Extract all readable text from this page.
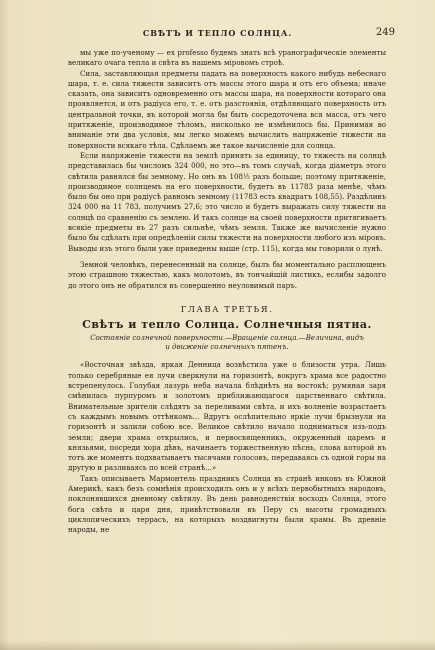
СВѢТЪ И ТЕПЛО СОЛНЦА.	249

мы уже по-ученому — ех professo будемъ знать всѣ уранографическіе элементы великаго очага тепла и свѣта въ нашемъ міровомъ строѣ.

Сила, заставляющая предметы падать на поверхность какого нибудь небеснаго шара, т. е. сила тяжести зависитъ отъ массы этого шара и отъ его объема; иначе сказать, она зависитъ одновременно отъ массы шара, на поверхности котораго она проявляется, и отъ радіуса его, т. е. отъ разстоянія, отдѣляющаго поверхность отъ центральной точки, въ которой могла бы быть сосредоточена вся масса, отъ чего притяженіе, производимое тѣломъ, нисколько не измѣнилось бы. Принимая во вниманіе эти два условія, мы легко можемъ вычислить напряженіе тяжести на поверхности всякаго тѣла. Сдѣлаемъ же такое вычисленіе для солнца.

Если напряженіе тяжести на землѣ принять за единицу, то тяжесть на солнцѣ представилась бы числомъ 324 000, но это—въ томъ случаѣ, когда діаметръ этого свѣтила равнялся бы земному. Но онъ въ 108½ разъ больше; поэтому притяженіе, производимое солнцемъ на его поверхности, будетъ въ 11783 раза менѣе, чѣмъ было бы оно при радіусѣ равномъ земному (11783 есть квадратъ 108,55). Раздѣливъ 324 000 на 11 783, получимъ 27,6; это число и будетъ выражать силу тяжести на солнцѣ по сравненію съ землею. И такъ солнце на своей поверхности притягиваетъ всякіе предметы въ 27 разъ сильнѣе, чѣмъ земля. Также же вычисленіе нужно было бы сдѣлать при опредѣленіи силы тяжести на поверхности любого изъ міровъ. Выводы изъ этого были уже приведены выше (стр. 115), когда мы говорили о лунѣ.

Земной человѣкъ, перенесенный на солнце, былъ бы моментально расплющенъ этою страшною тяжестью, какъ молотомъ, въ тончайшій листикъ, еслибы задолго до этого онъ не обратился въ совершенно неуловимый паръ.

ГЛАВА ТРЕТЬЯ.
Свѣтъ и тепло Солнца. Солнечныя пятна.
Состояніе солнечной поверхности.—Вращеніе солнца.—Величина, видъ
и движеніе солнечныхъ пятенъ.

«Восточная звѣзда, яркая Денница возвѣстила уже о близости утра. Лишь только серебряные ея лучи сверкнули на горизонтѣ, вокругъ храма все радостно встрепенулось. Голубая лазурь неба начала блѣднѣть на востокѣ; румяная заря смѣнилась пурпуромъ и золотомъ приближающагося царственнаго свѣтила. Внимательные зрители слѣдятъ за переливами свѣта, и ихъ волненіе возрастаетъ съ каждымъ новымъ оттѣнкомъ... Вдругъ ослѣпительно яркіе лучи брызнули на горизонтѣ и залили собою все. Великое свѣтило начало подниматься изъ-подъ земли; двери храма открылись, и первосвященникъ, окруженный царемъ и князьями, посреди хора дѣвъ, начинаетъ торжественную пѣснь, слова которой въ тотъ же моментъ подхватываетъ тысячами голосовъ, передаваясь съ одной горы на другую и разливаясь по всей странѣ...»

Такъ описываетъ Мармонтель праздникъ Солнца въ странѣ инковъ въ Южной Америкѣ, какъ безъ сомнѣнія происходилъ онъ и у всѣхъ первобытныхъ народовъ, поклонявшихся дневному свѣтилу. Въ день равноденствія восходъ Солнца, этого бога свѣта и царя дня, привѣтствовали въ Перу съ высоты громадныхъ циклопическихъ террасъ, на которыхъ воздвигнуты были храмы. Въ древніе народы, не
